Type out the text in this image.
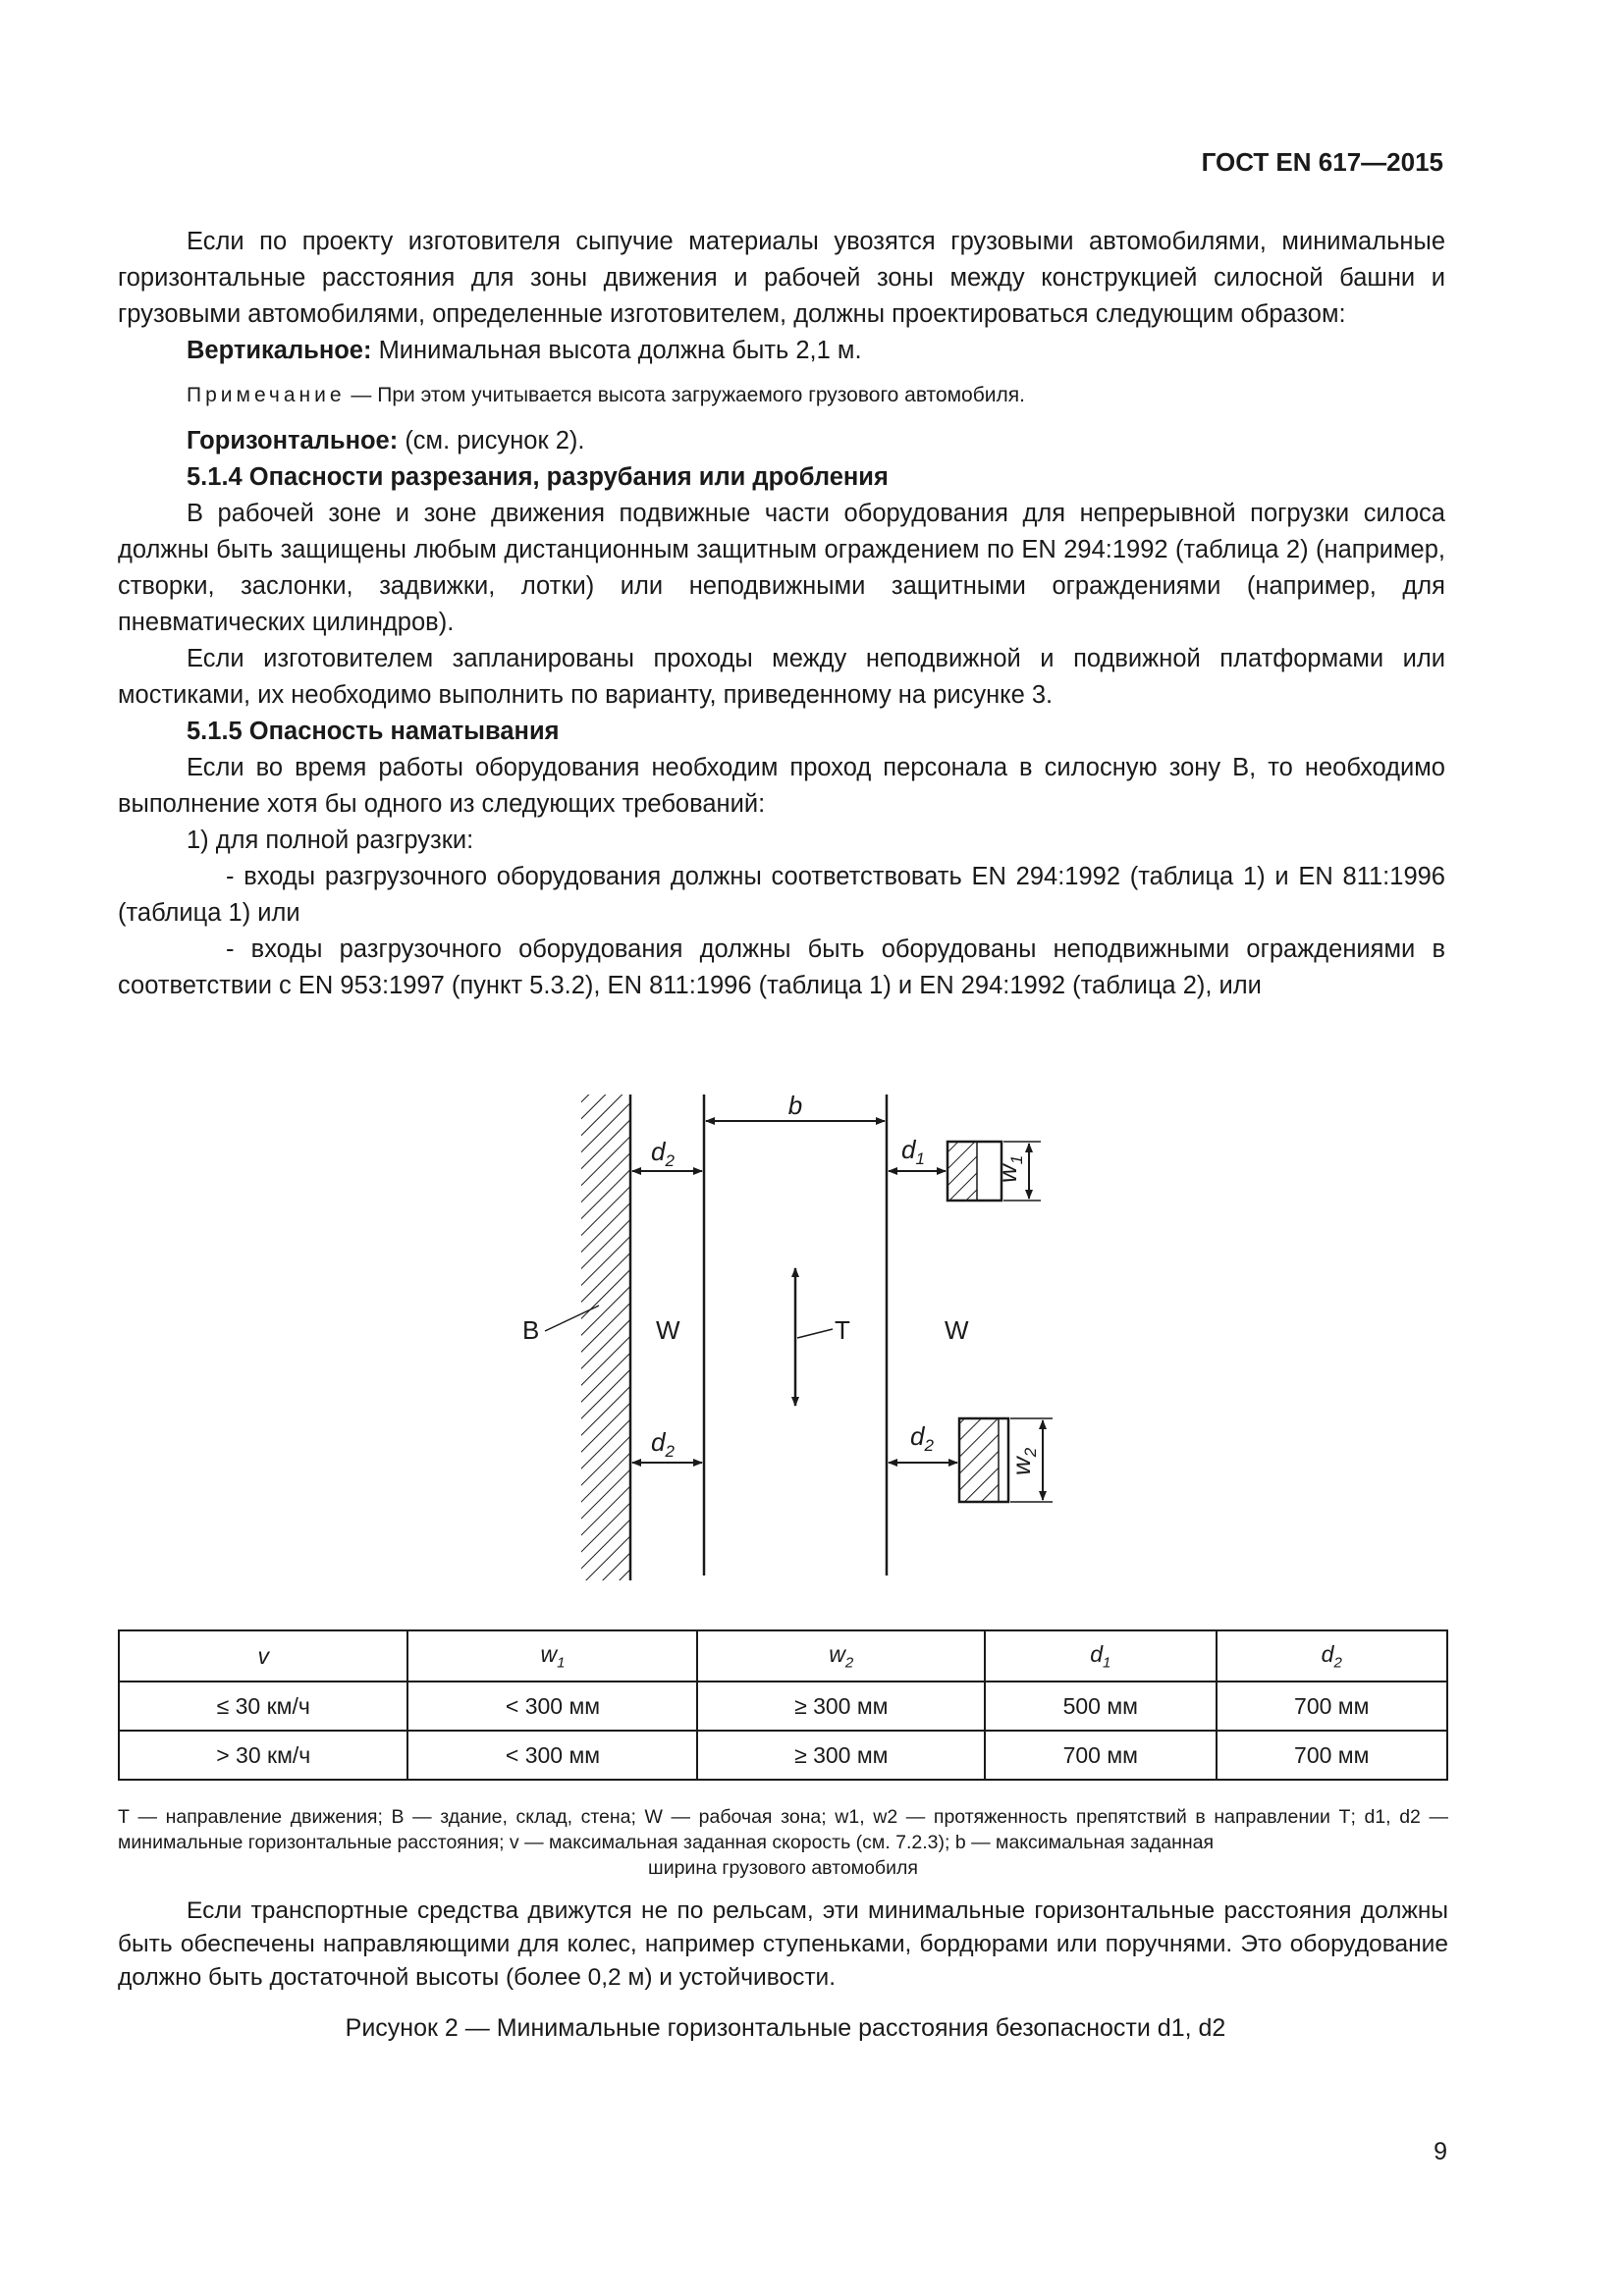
ГОСТ EN 617—2015

Если по проекту изготовителя сыпучие материалы увозятся грузовыми автомобилями, минимальные горизонтальные расстояния для зоны движения и рабочей зоны между конструкцией силосной башни и грузовыми автомобилями, определенные изготовителем, должны проектироваться следующим образом:

Вертикальное: Минимальная высота должна быть 2,1 м.

Примечание — При этом учитывается высота загружаемого грузового автомобиля.

Горизонтальное: (см. рисунок 2).

5.1.4 Опасности разрезания, разрубания или дробления

В рабочей зоне и зоне движения подвижные части оборудования для непрерывной погрузки силоса должны быть защищены любым дистанционным защитным ограждением по EN 294:1992 (таблица 2) (например, створки, заслонки, задвижки, лотки) или неподвижными защитными ограждениями (например, для пневматических цилиндров).

Если изготовителем запланированы проходы между неподвижной и подвижной платформами или мостиками, их необходимо выполнить по варианту, приведенному на рисунке 3.

5.1.5 Опасность наматывания

Если во время работы оборудования необходим проход персонала в силосную зону В, то необходимо выполнение хотя бы одного из следующих требований:

1) для полной разгрузки:

- входы разгрузочного оборудования должны соответствовать EN 294:1992 (таблица 1) и EN 811:1996 (таблица 1) или

- входы разгрузочного оборудования должны быть оборудованы неподвижными ограждениями в соответствии с EN 953:1997 (пункт 5.3.2), EN 811:1996 (таблица 1) и EN 294:1992 (таблица 2), или

b
$d_2$
$d_2$
$d_1$
$w_1$
$d_2$
$w_2$
T
B	W	W
v	$w_1$	$w_2$	$d_1$	$d_2$
≤ 30 км/ч	< 300 мм	≥ 300 мм	500 мм	700 мм
> 30 км/ч	< 300 мм	≥ 300 мм	700 мм	700 мм
Т — направление движения; В — здание, склад, стена; W — рабочая зона; w1, w2 — протяженность препятствий в направлении Т; d1, d2 — минимальные горизонтальные расстояния; v — максимальная заданная скорость (см. 7.2.3); b — максимальная заданная
ширина грузового автомобиля

Если транспортные средства движутся не по рельсам, эти минимальные горизонтальные расстояния должны быть обеспечены направляющими для колес, например ступеньками, бордюрами или поручнями. Это оборудование должно быть достаточной высоты (более 0,2 м) и устойчивости.

Рисунок 2 — Минимальные горизонтальные расстояния безопасности d1, d2
9
